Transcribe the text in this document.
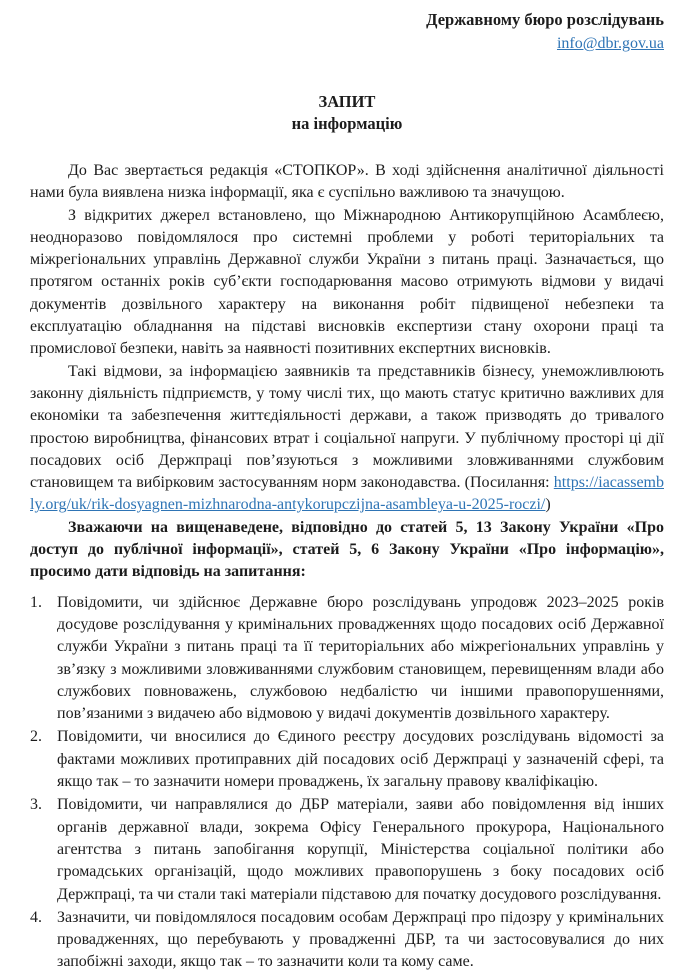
Державному бюро розслідувань
info@dbr.gov.ua
ЗАПИТ
на інформацію

До Вас звертається редакція «СТОПКОР». В ході здійснення аналітичної діяльності нами була виявлена низка інформації, яка є суспільно важливою та значущою.

З відкритих джерел встановлено, що Міжнародною Антикорупційною Асамблеєю, неодноразово повідомлялося про системні проблеми у роботі територіальних та міжрегіональних управлінь Державної служби України з питань праці. Зазначається, що протягом останніх років суб’єкти господарювання масово отримують відмови у видачі документів дозвільного характеру на виконання робіт підвищеної небезпеки та експлуатацію обладнання на підставі висновків експертизи стану охорони праці та промислової безпеки, навіть за наявності позитивних експертних висновків.

Такі відмови, за інформацією заявників та представників бізнесу, унеможливлюють законну діяльність підприємств, у тому числі тих, що мають статус критично важливих для економіки та забезпечення життєдіяльності держави, а також призводять до тривалого простою виробництва, фінансових втрат і соціальної напруги. У публічному просторі ці дії посадових осіб Держпраці пов’язуються з можливими зловживаннями службовим становищем та вибірковим застосуванням норм законодавства. (Посилання: https://iacassembly.org/uk/rik-dosyagnen-mizhnarodna-antykorupczijna-asambleya-u-2025-roczi/)

Зважаючи на вищенаведене, відповідно до статей 5, 13 Закону України «Про доступ до публічної інформації», статей 5, 6 Закону України «Про інформацію», просимо дати відповідь на запитання:

1. Повідомити, чи здійснює Державне бюро розслідувань упродовж 2023–2025 років досудове розслідування у кримінальних провадженнях щодо посадових осіб Державної служби України з питань праці та її територіальних або міжрегіональних управлінь у зв’язку з можливими зловживаннями службовим становищем, перевищенням влади або службових повноважень, службовою недбалістю чи іншими правопорушеннями, пов’язаними з видачею або відмовою у видачі документів дозвільного характеру.
2. Повідомити, чи вносилися до Єдиного реєстру досудових розслідувань відомості за фактами можливих протиправних дій посадових осіб Держпраці у зазначеній сфері, та якщо так – то зазначити номери проваджень, їх загальну правову кваліфікацію.
3. Повідомити, чи направлялися до ДБР матеріали, заяви або повідомлення від інших органів державної влади, зокрема Офісу Генерального прокурора, Національного агентства з питань запобігання корупції, Міністерства соціальної політики або громадських організацій, щодо можливих правопорушень з боку посадових осіб Держпраці, та чи стали такі матеріали підставою для початку досудового розслідування.
4. Зазначити, чи повідомлялося посадовим особам Держпраці про підозру у кримінальних провадженнях, що перебувають у провадженні ДБР, та чи застосовувалися до них запобіжні заходи, якщо так – то зазначити коли та кому саме.
